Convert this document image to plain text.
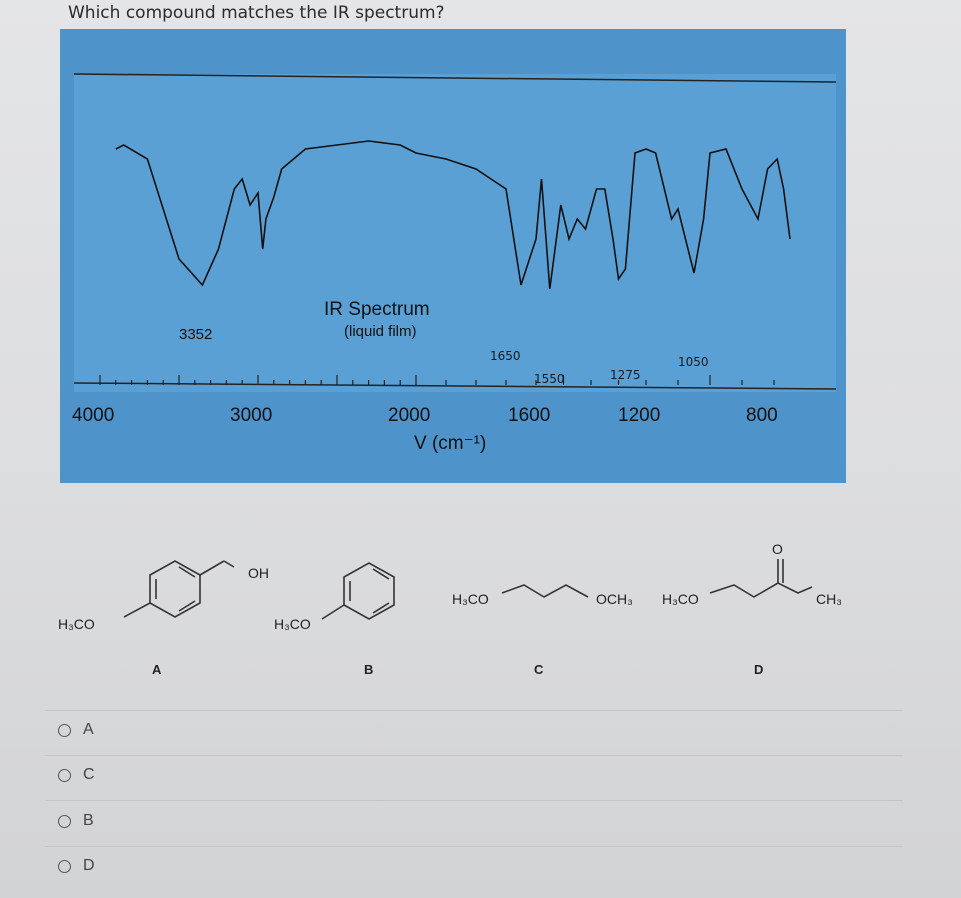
Which compound matches the IR spectrum?
IR Spectrum
(liquid film)
3352
1650
1550	1275
1050
4000	3000	2000	1600	1200	800
V (cm⁻¹)
OH
H₃CO
A
H₃CO
B
H₃CO	OCH₃
C
H₃CO
O
CH₃
D
A
C
B
D
